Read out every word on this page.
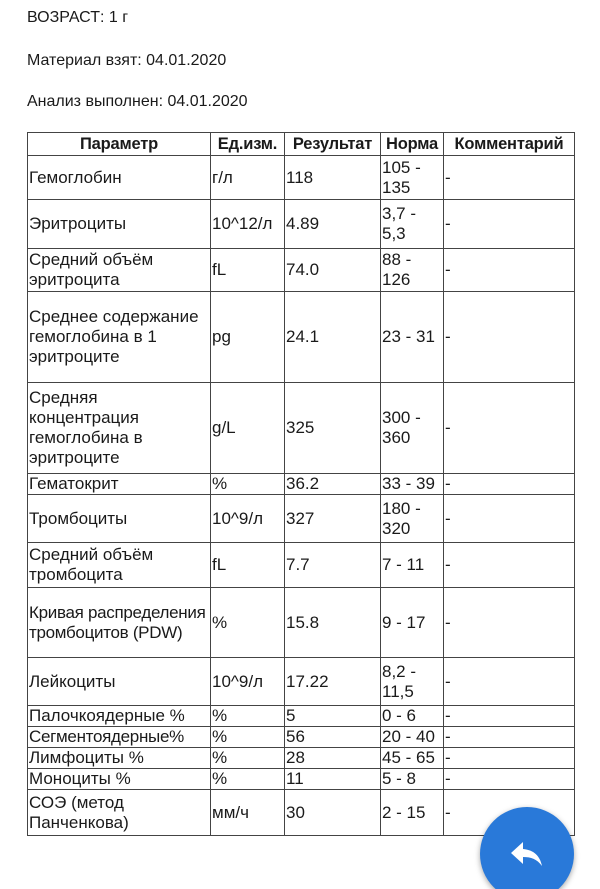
ВОЗРАСТ: 1 г
Материал взят: 04.01.2020
Анализ выполнен: 04.01.2020
Параметр	Ед.изм.	Результат	Норма	Комментарий
Гемоглобин	г/л	118	105 - 135	-
Эритроциты	10^12/л	4.89	3,7 - 5,3	-
Средний объём эритроцита	fL	74.0	88 - 126	-
Среднее содержание гемоглобина в 1 эритроците	pg	24.1	23 - 31	-
Средняя концентрация гемоглобина в эритроците	g/L	325	300 - 360	-
Гематокрит	%	36.2	33 - 39	-
Тромбоциты	10^9/л	327	180 - 320	-
Средний объём тромбоцита	fL	7.7	7 - 11	-
Кривая распределения тромбоцитов (PDW)	%	15.8	9 - 17	-
Лейкоциты	10^9/л	17.22	8,2 - 11,5	-
Палочкоядерные %	%	5	0 - 6	-
Сегментоядерные%	%	56	20 - 40	-
Лимфоциты %	%	28	45 - 65	-
Моноциты %	%	11	5 - 8	-
СОЭ (метод Панченкова)	мм/ч	30	2 - 15	-
